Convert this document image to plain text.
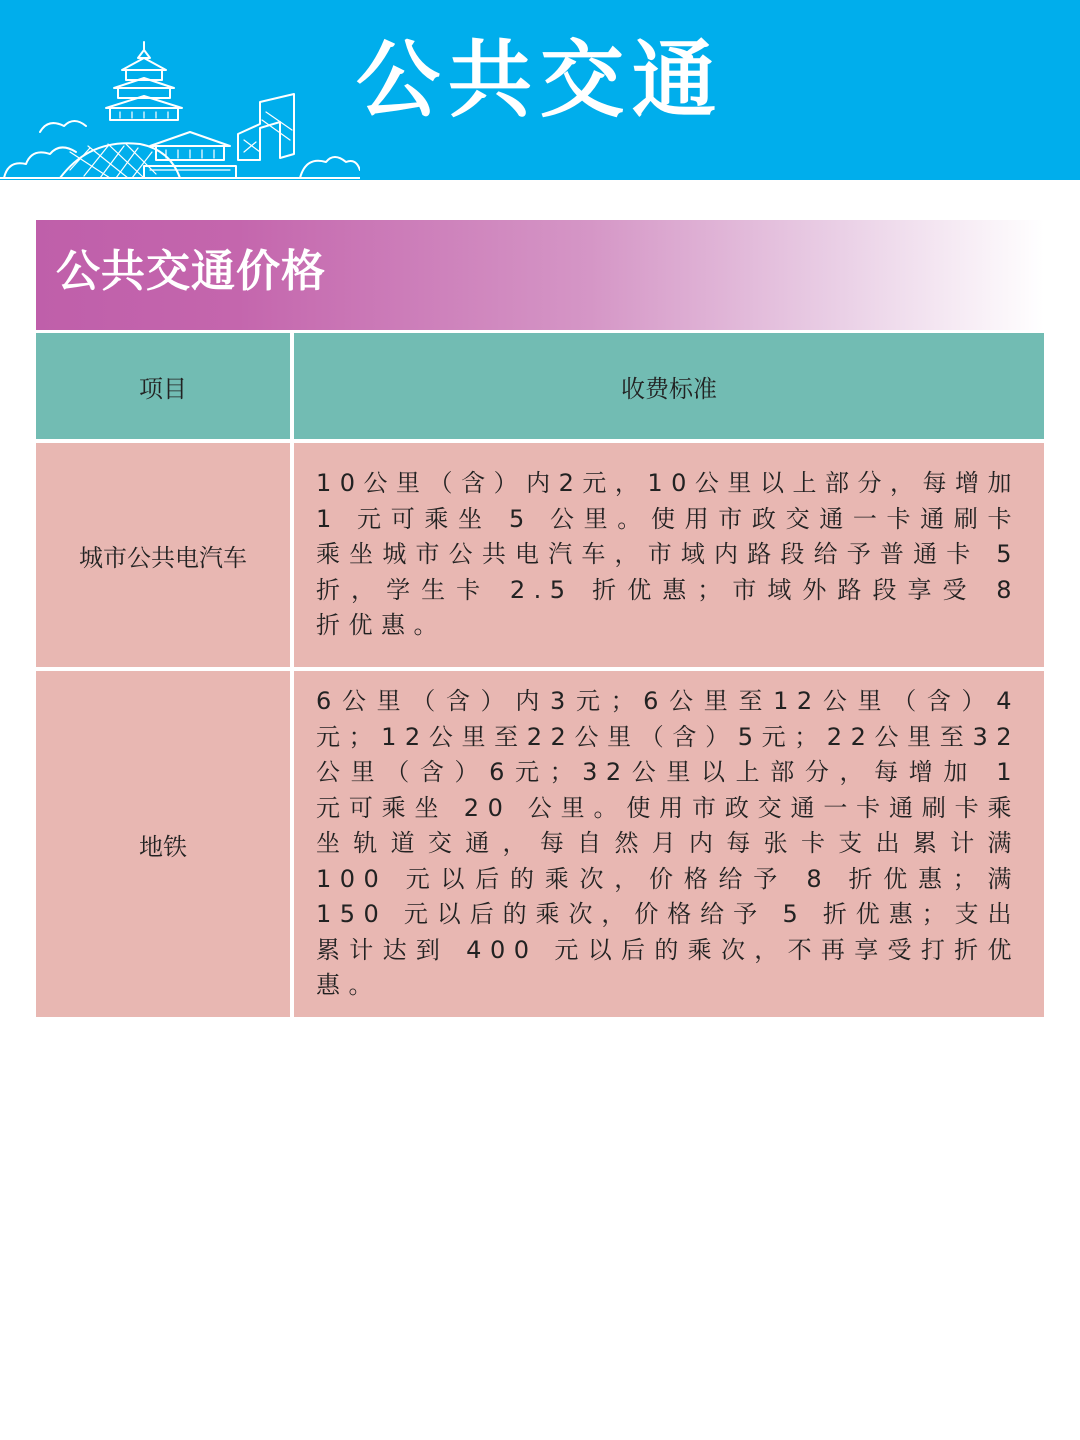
公共交通
公共交通价格
项目	收费标准
城市公共电汽车	10公里（含）内2元，10公里以上部分，每增加 1 元可乘坐 5 公里。使用市政交通一卡通刷卡乘坐城市公共电汽车，市域内路段给予普通卡 5 折，学生卡 2.5 折优惠；市域外路段享受 8 折优惠。
地铁	6公里（含）内3元；6公里至12公里（含）4 元；12公里至22公里（含）5元；22公里至32公里（含）6元；32公里以上部分，每增加 1 元可乘坐 20 公里。使用市政交通一卡通刷卡乘坐轨道交通，每自然月内每张卡支出累计满 100 元以后的乘次，价格给予 8 折优惠；满 150 元以后的乘次，价格给予 5 折优惠；支出累计达到 400 元以后的乘次，不再享受打折优惠。
